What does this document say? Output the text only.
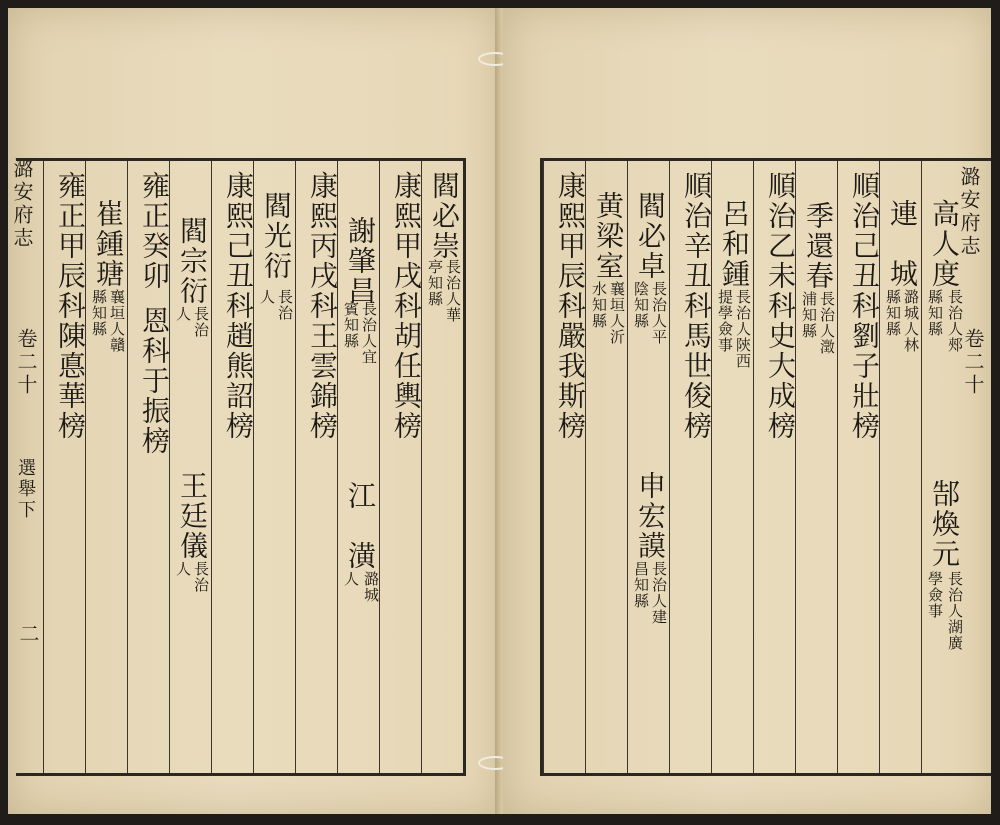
潞安府志
卷二十
選舉下
二
閻必崇
長治人華
亭知縣
康熙甲戌科胡任輿榜
謝肇昌
長治人宜
賓知縣
江　潢
潞城
人
康熙丙戌科王雲錦榜
閻光衍
長治
人
康熙己丑科趙熊詔榜
閻宗衍
長治
人
王廷儀
長治
人
雍正癸卯
恩科于振榜
崔鍾瑭
襄垣人贛
縣知縣
雍正甲辰科陳悳華榜	潞安府志
卷二十
高人度
長治人郟
縣知縣
郜煥元
長治人湖廣
學僉事
連　城
潞城人林
縣知縣
順治己丑科劉子壯榜
季還春
長治人澂
浦知縣
順治乙未科史大成榜
呂和鍾
長治人陝西
提學僉事
順治辛丑科馬世俊榜
閻必卓
長治人平
陰知縣
申宏謨
長治人建
昌知縣
黄梁室
襄垣人沂
水知縣
康熙甲辰科嚴我斯榜
